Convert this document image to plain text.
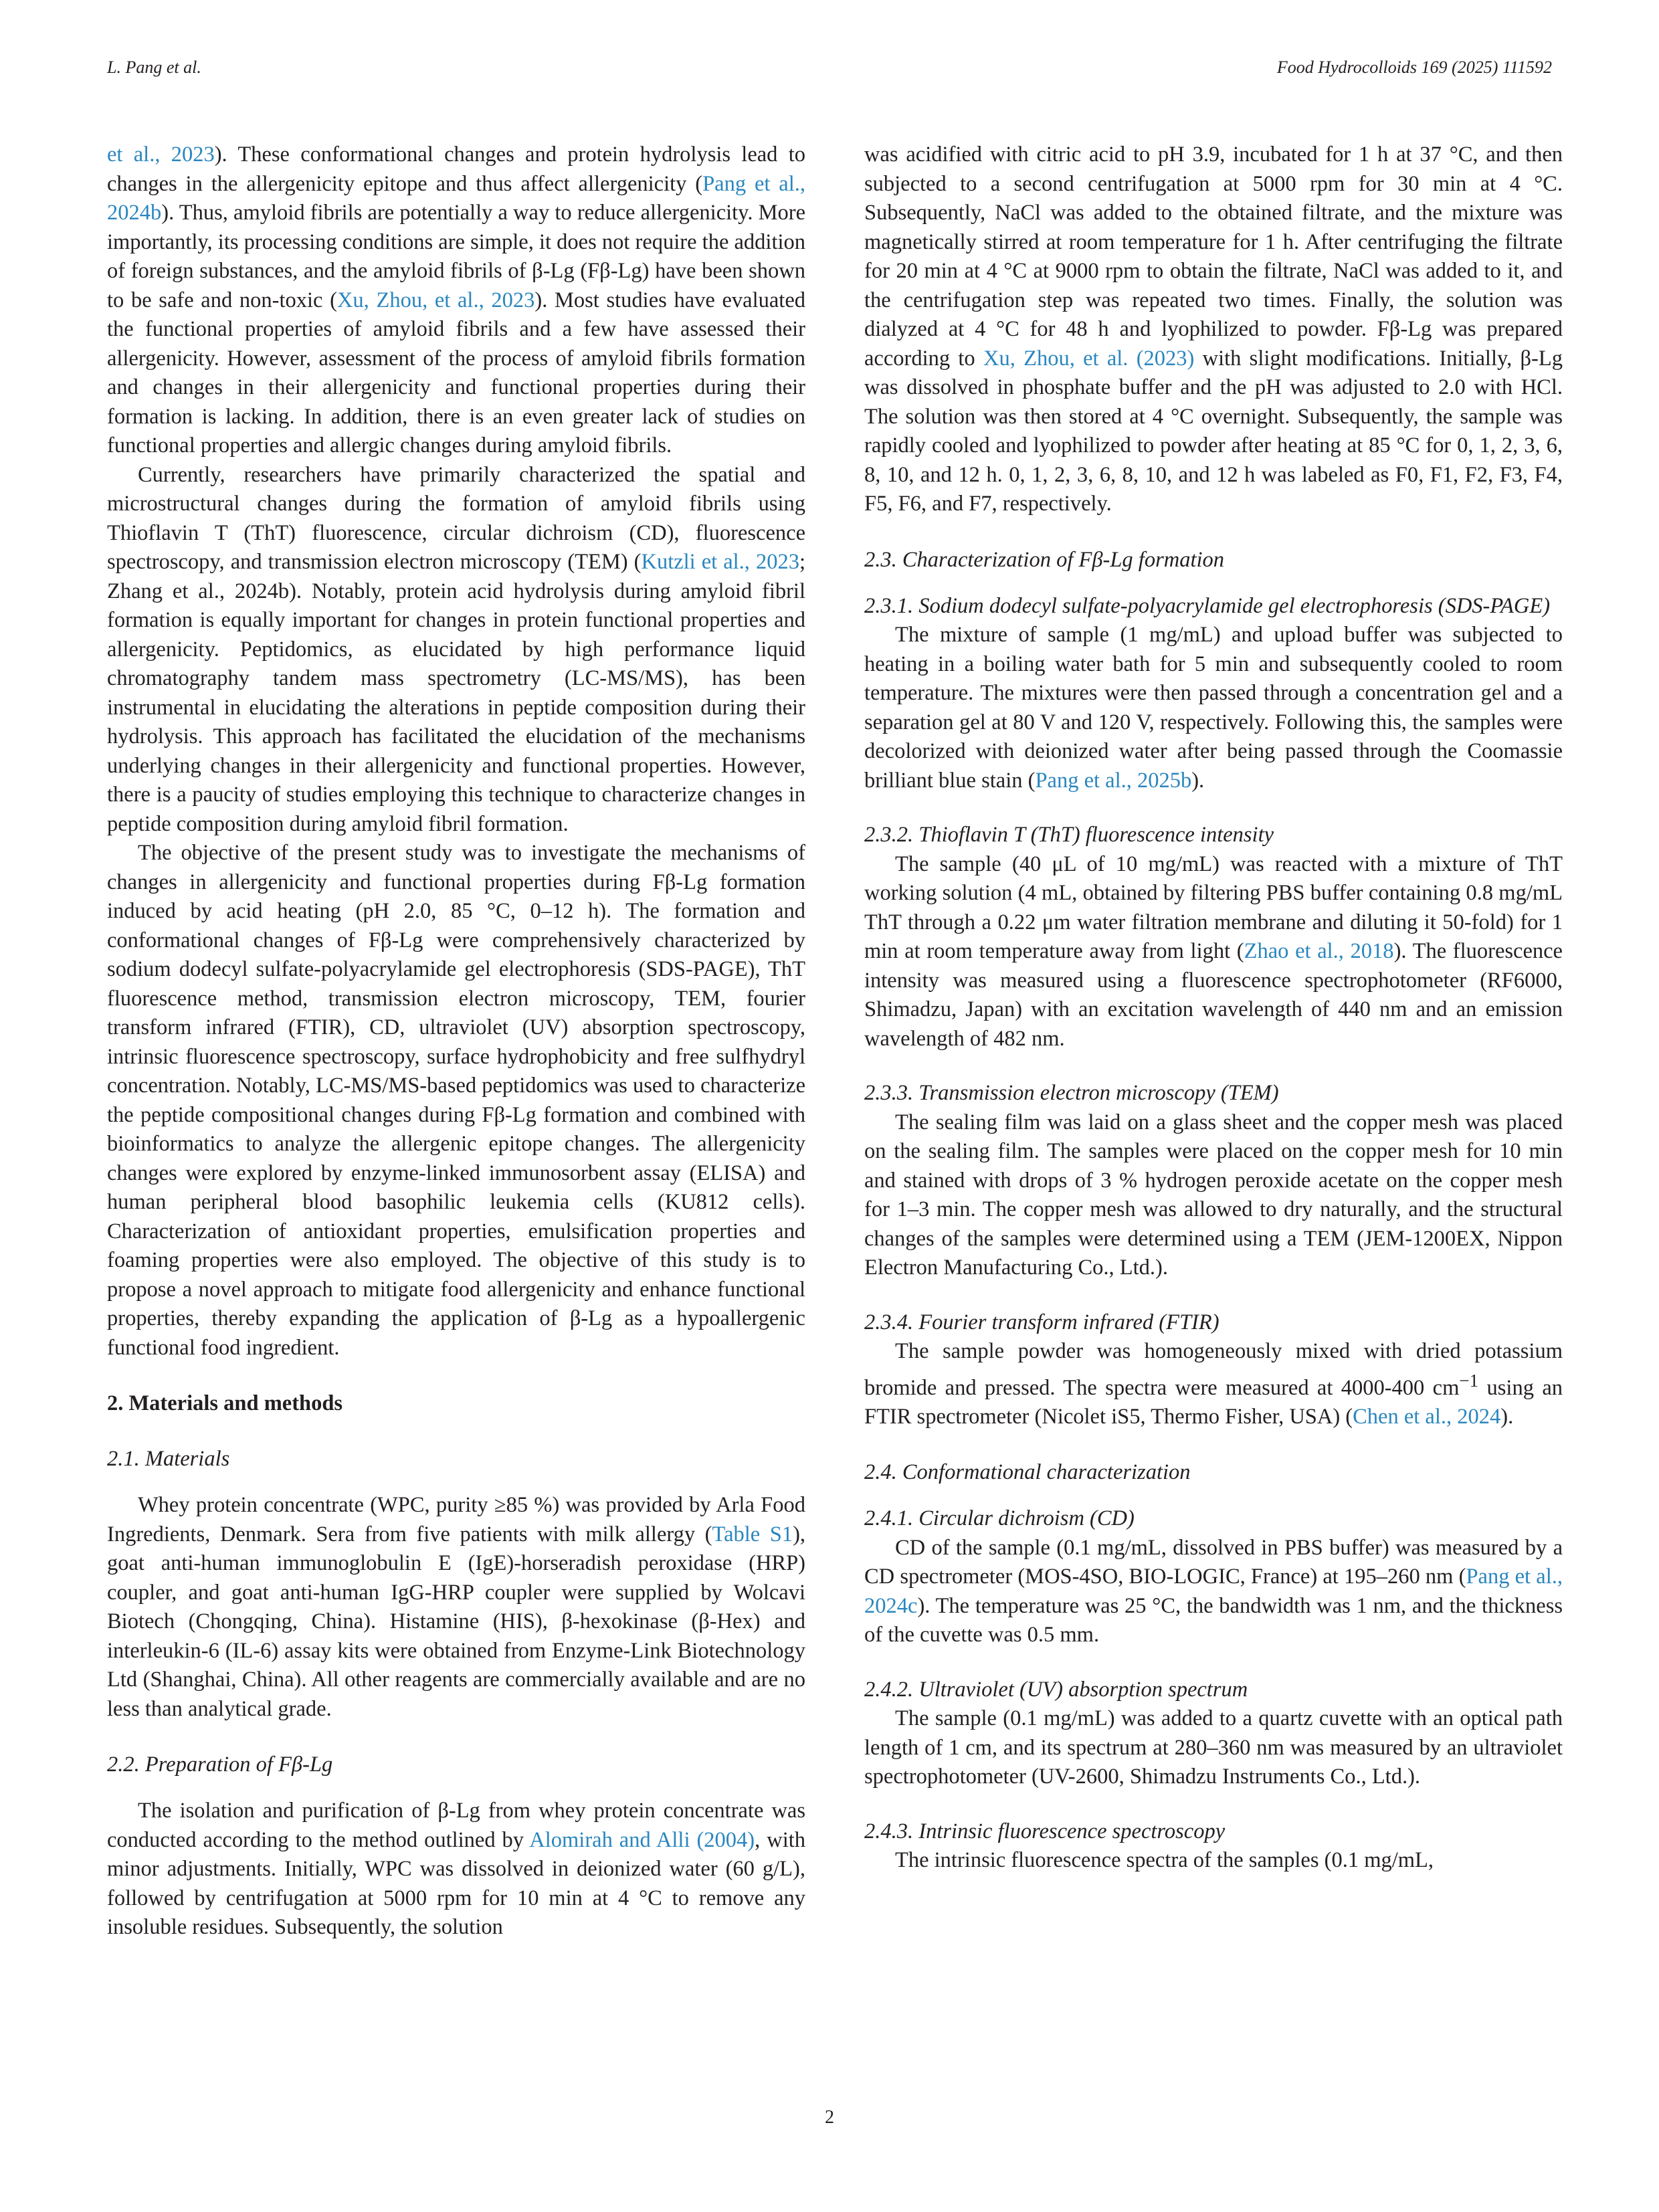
L. Pang et al.	Food Hydrocolloids 169 (2025) 111592

et al., 2023). These conformational changes and protein hydrolysis lead to changes in the allergenicity epitope and thus affect allergenicity (Pang et al., 2024b). Thus, amyloid fibrils are potentially a way to reduce allergenicity. More importantly, its processing conditions are simple, it does not require the addition of foreign substances, and the amyloid fibrils of β-Lg (Fβ-Lg) have been shown to be safe and non-toxic (Xu, Zhou, et al., 2023). Most studies have evaluated the functional properties of amyloid fibrils and a few have assessed their allergenicity. However, assessment of the process of amyloid fibrils formation and changes in their allergenicity and functional properties during their formation is lacking. In addition, there is an even greater lack of studies on functional properties and allergic changes during amyloid fibrils.

Currently, researchers have primarily characterized the spatial and microstructural changes during the formation of amyloid fibrils using Thioflavin T (ThT) fluorescence, circular dichroism (CD), fluorescence spectroscopy, and transmission electron microscopy (TEM) (Kutzli et al., 2023; Zhang et al., 2024b). Notably, protein acid hydrolysis during amyloid fibril formation is equally important for changes in protein functional properties and allergenicity. Peptidomics, as elucidated by high performance liquid chromatography tandem mass spectrometry (LC-MS/MS), has been instrumental in elucidating the alterations in peptide composition during their hydrolysis. This approach has facilitated the elucidation of the mechanisms underlying changes in their allergenicity and functional properties. However, there is a paucity of studies employing this technique to characterize changes in peptide composition during amyloid fibril formation.

The objective of the present study was to investigate the mechanisms of changes in allergenicity and functional properties during Fβ-Lg formation induced by acid heating (pH 2.0, 85 °C, 0–12 h). The formation and conformational changes of Fβ-Lg were comprehensively characterized by sodium dodecyl sulfate-polyacrylamide gel electrophoresis (SDS-PAGE), ThT fluorescence method, transmission electron microscopy, TEM, fourier transform infrared (FTIR), CD, ultraviolet (UV) absorption spectroscopy, intrinsic fluorescence spectroscopy, surface hydrophobicity and free sulfhydryl concentration. Notably, LC-MS/MS-based peptidomics was used to characterize the peptide compositional changes during Fβ-Lg formation and combined with bioinformatics to analyze the allergenic epitope changes. The allergenicity changes were explored by enzyme-linked immunosorbent assay (ELISA) and human peripheral blood basophilic leukemia cells (KU812 cells). Characterization of antioxidant properties, emulsification properties and foaming properties were also employed. The objective of this study is to propose a novel approach to mitigate food allergenicity and enhance functional properties, thereby expanding the application of β-Lg as a hypoallergenic functional food ingredient.

2. Materials and methods
2.1. Materials

Whey protein concentrate (WPC, purity ≥85 %) was provided by Arla Food Ingredients, Denmark. Sera from five patients with milk allergy (Table S1), goat anti-human immunoglobulin E (IgE)-horseradish peroxidase (HRP) coupler, and goat anti-human IgG-HRP coupler were supplied by Wolcavi Biotech (Chongqing, China). Histamine (HIS), β-hexokinase (β-Hex) and interleukin-6 (IL-6) assay kits were obtained from Enzyme-Link Biotechnology Ltd (Shanghai, China). All other reagents are commercially available and are no less than analytical grade.

2.2. Preparation of Fβ-Lg

The isolation and purification of β-Lg from whey protein concentrate was conducted according to the method outlined by Alomirah and Alli (2004), with minor adjustments. Initially, WPC was dissolved in deionized water (60 g/L), followed by centrifugation at 5000 rpm for 10 min at 4 °C to remove any insoluble residues. Subsequently, the solution

was acidified with citric acid to pH 3.9, incubated for 1 h at 37 °C, and then subjected to a second centrifugation at 5000 rpm for 30 min at 4 °C. Subsequently, NaCl was added to the obtained filtrate, and the mixture was magnetically stirred at room temperature for 1 h. After centrifuging the filtrate for 20 min at 4 °C at 9000 rpm to obtain the filtrate, NaCl was added to it, and the centrifugation step was repeated two times. Finally, the solution was dialyzed at 4 °C for 48 h and lyophilized to powder. Fβ-Lg was prepared according to Xu, Zhou, et al. (2023) with slight modifications. Initially, β-Lg was dissolved in phosphate buffer and the pH was adjusted to 2.0 with HCl. The solution was then stored at 4 °C overnight. Subsequently, the sample was rapidly cooled and lyophilized to powder after heating at 85 °C for 0, 1, 2, 3, 6, 8, 10, and 12 h. 0, 1, 2, 3, 6, 8, 10, and 12 h was labeled as F0, F1, F2, F3, F4, F5, F6, and F7, respectively.

2.3. Characterization of Fβ-Lg formation
2.3.1. Sodium dodecyl sulfate-polyacrylamide gel electrophoresis (SDS-PAGE)

The mixture of sample (1 mg/mL) and upload buffer was subjected to heating in a boiling water bath for 5 min and subsequently cooled to room temperature. The mixtures were then passed through a concentration gel and a separation gel at 80 V and 120 V, respectively. Following this, the samples were decolorized with deionized water after being passed through the Coomassie brilliant blue stain (Pang et al., 2025b).

2.3.2. Thioflavin T (ThT) fluorescence intensity

The sample (40 μL of 10 mg/mL) was reacted with a mixture of ThT working solution (4 mL, obtained by filtering PBS buffer containing 0.8 mg/mL ThT through a 0.22 μm water filtration membrane and diluting it 50-fold) for 1 min at room temperature away from light (Zhao et al., 2018). The fluorescence intensity was measured using a fluorescence spectrophotometer (RF6000, Shimadzu, Japan) with an excitation wavelength of 440 nm and an emission wavelength of 482 nm.

2.3.3. Transmission electron microscopy (TEM)

The sealing film was laid on a glass sheet and the copper mesh was placed on the sealing film. The samples were placed on the copper mesh for 10 min and stained with drops of 3 % hydrogen peroxide acetate on the copper mesh for 1–3 min. The copper mesh was allowed to dry naturally, and the structural changes of the samples were determined using a TEM (JEM-1200EX, Nippon Electron Manufacturing Co., Ltd.).

2.3.4. Fourier transform infrared (FTIR)

The sample powder was homogeneously mixed with dried potassium bromide and pressed. The spectra were measured at 4000-400 $cm^{-1}$ using an FTIR spectrometer (Nicolet iS5, Thermo Fisher, USA) (Chen et al., 2024).

2.4. Conformational characterization
2.4.1. Circular dichroism (CD)

CD of the sample (0.1 mg/mL, dissolved in PBS buffer) was measured by a CD spectrometer (MOS-4SO, BIO-LOGIC, France) at 195–260 nm (Pang et al., 2024c). The temperature was 25 °C, the bandwidth was 1 nm, and the thickness of the cuvette was 0.5 mm.

2.4.2. Ultraviolet (UV) absorption spectrum

The sample (0.1 mg/mL) was added to a quartz cuvette with an optical path length of 1 cm, and its spectrum at 280–360 nm was measured by an ultraviolet spectrophotometer (UV-2600, Shimadzu Instruments Co., Ltd.).

2.4.3. Intrinsic fluorescence spectroscopy

The intrinsic fluorescence spectra of the samples (0.1 mg/mL,

2
